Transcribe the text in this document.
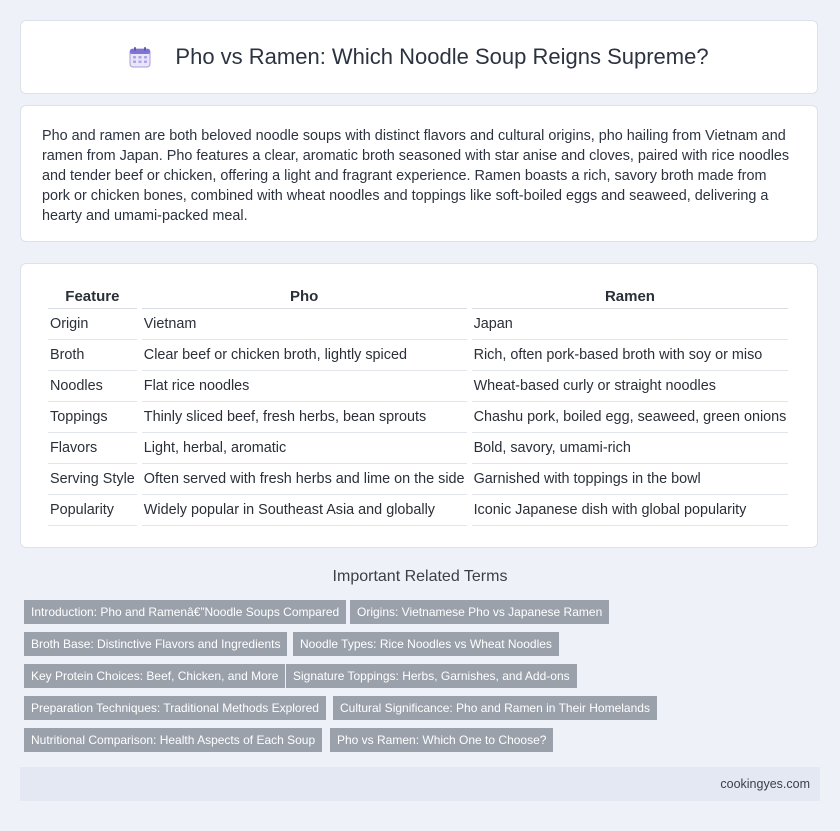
Pho vs Ramen: Which Noodle Soup Reigns Supreme?

Pho and ramen are both beloved noodle soups with distinct flavors and cultural origins, pho hailing from Vietnam and ramen from Japan. Pho features a clear, aromatic broth seasoned with star anise and cloves, paired with rice noodles and tender beef or chicken, offering a light and fragrant experience. Ramen boasts a rich, savory broth made from pork or chicken bones, combined with wheat noodles and toppings like soft-boiled eggs and seaweed, delivering a hearty and umami-packed meal.

Feature	Pho	Ramen
Origin	Vietnam	Japan
Broth	Clear beef or chicken broth, lightly spiced	Rich, often pork-based broth with soy or miso
Noodles	Flat rice noodles	Wheat-based curly or straight noodles
Toppings	Thinly sliced beef, fresh herbs, bean sprouts	Chashu pork, boiled egg, seaweed, green onions
Flavors	Light, herbal, aromatic	Bold, savory, umami-rich
Serving Style	Often served with fresh herbs and lime on the side	Garnished with toppings in the bowl
Popularity	Widely popular in Southeast Asia and globally	Iconic Japanese dish with global popularity
Important Related Terms
Introduction: Pho and Ramenâ€”Noodle Soups Compared	Origins: Vietnamese Pho vs Japanese Ramen
Broth Base: Distinctive Flavors and Ingredients	Noodle Types: Rice Noodles vs Wheat Noodles
Key Protein Choices: Beef, Chicken, and More	Signature Toppings: Herbs, Garnishes, and Add-ons
Preparation Techniques: Traditional Methods Explored	Cultural Significance: Pho and Ramen in Their Homelands
Nutritional Comparison: Health Aspects of Each Soup	Pho vs Ramen: Which One to Choose?
cookingyes.com
